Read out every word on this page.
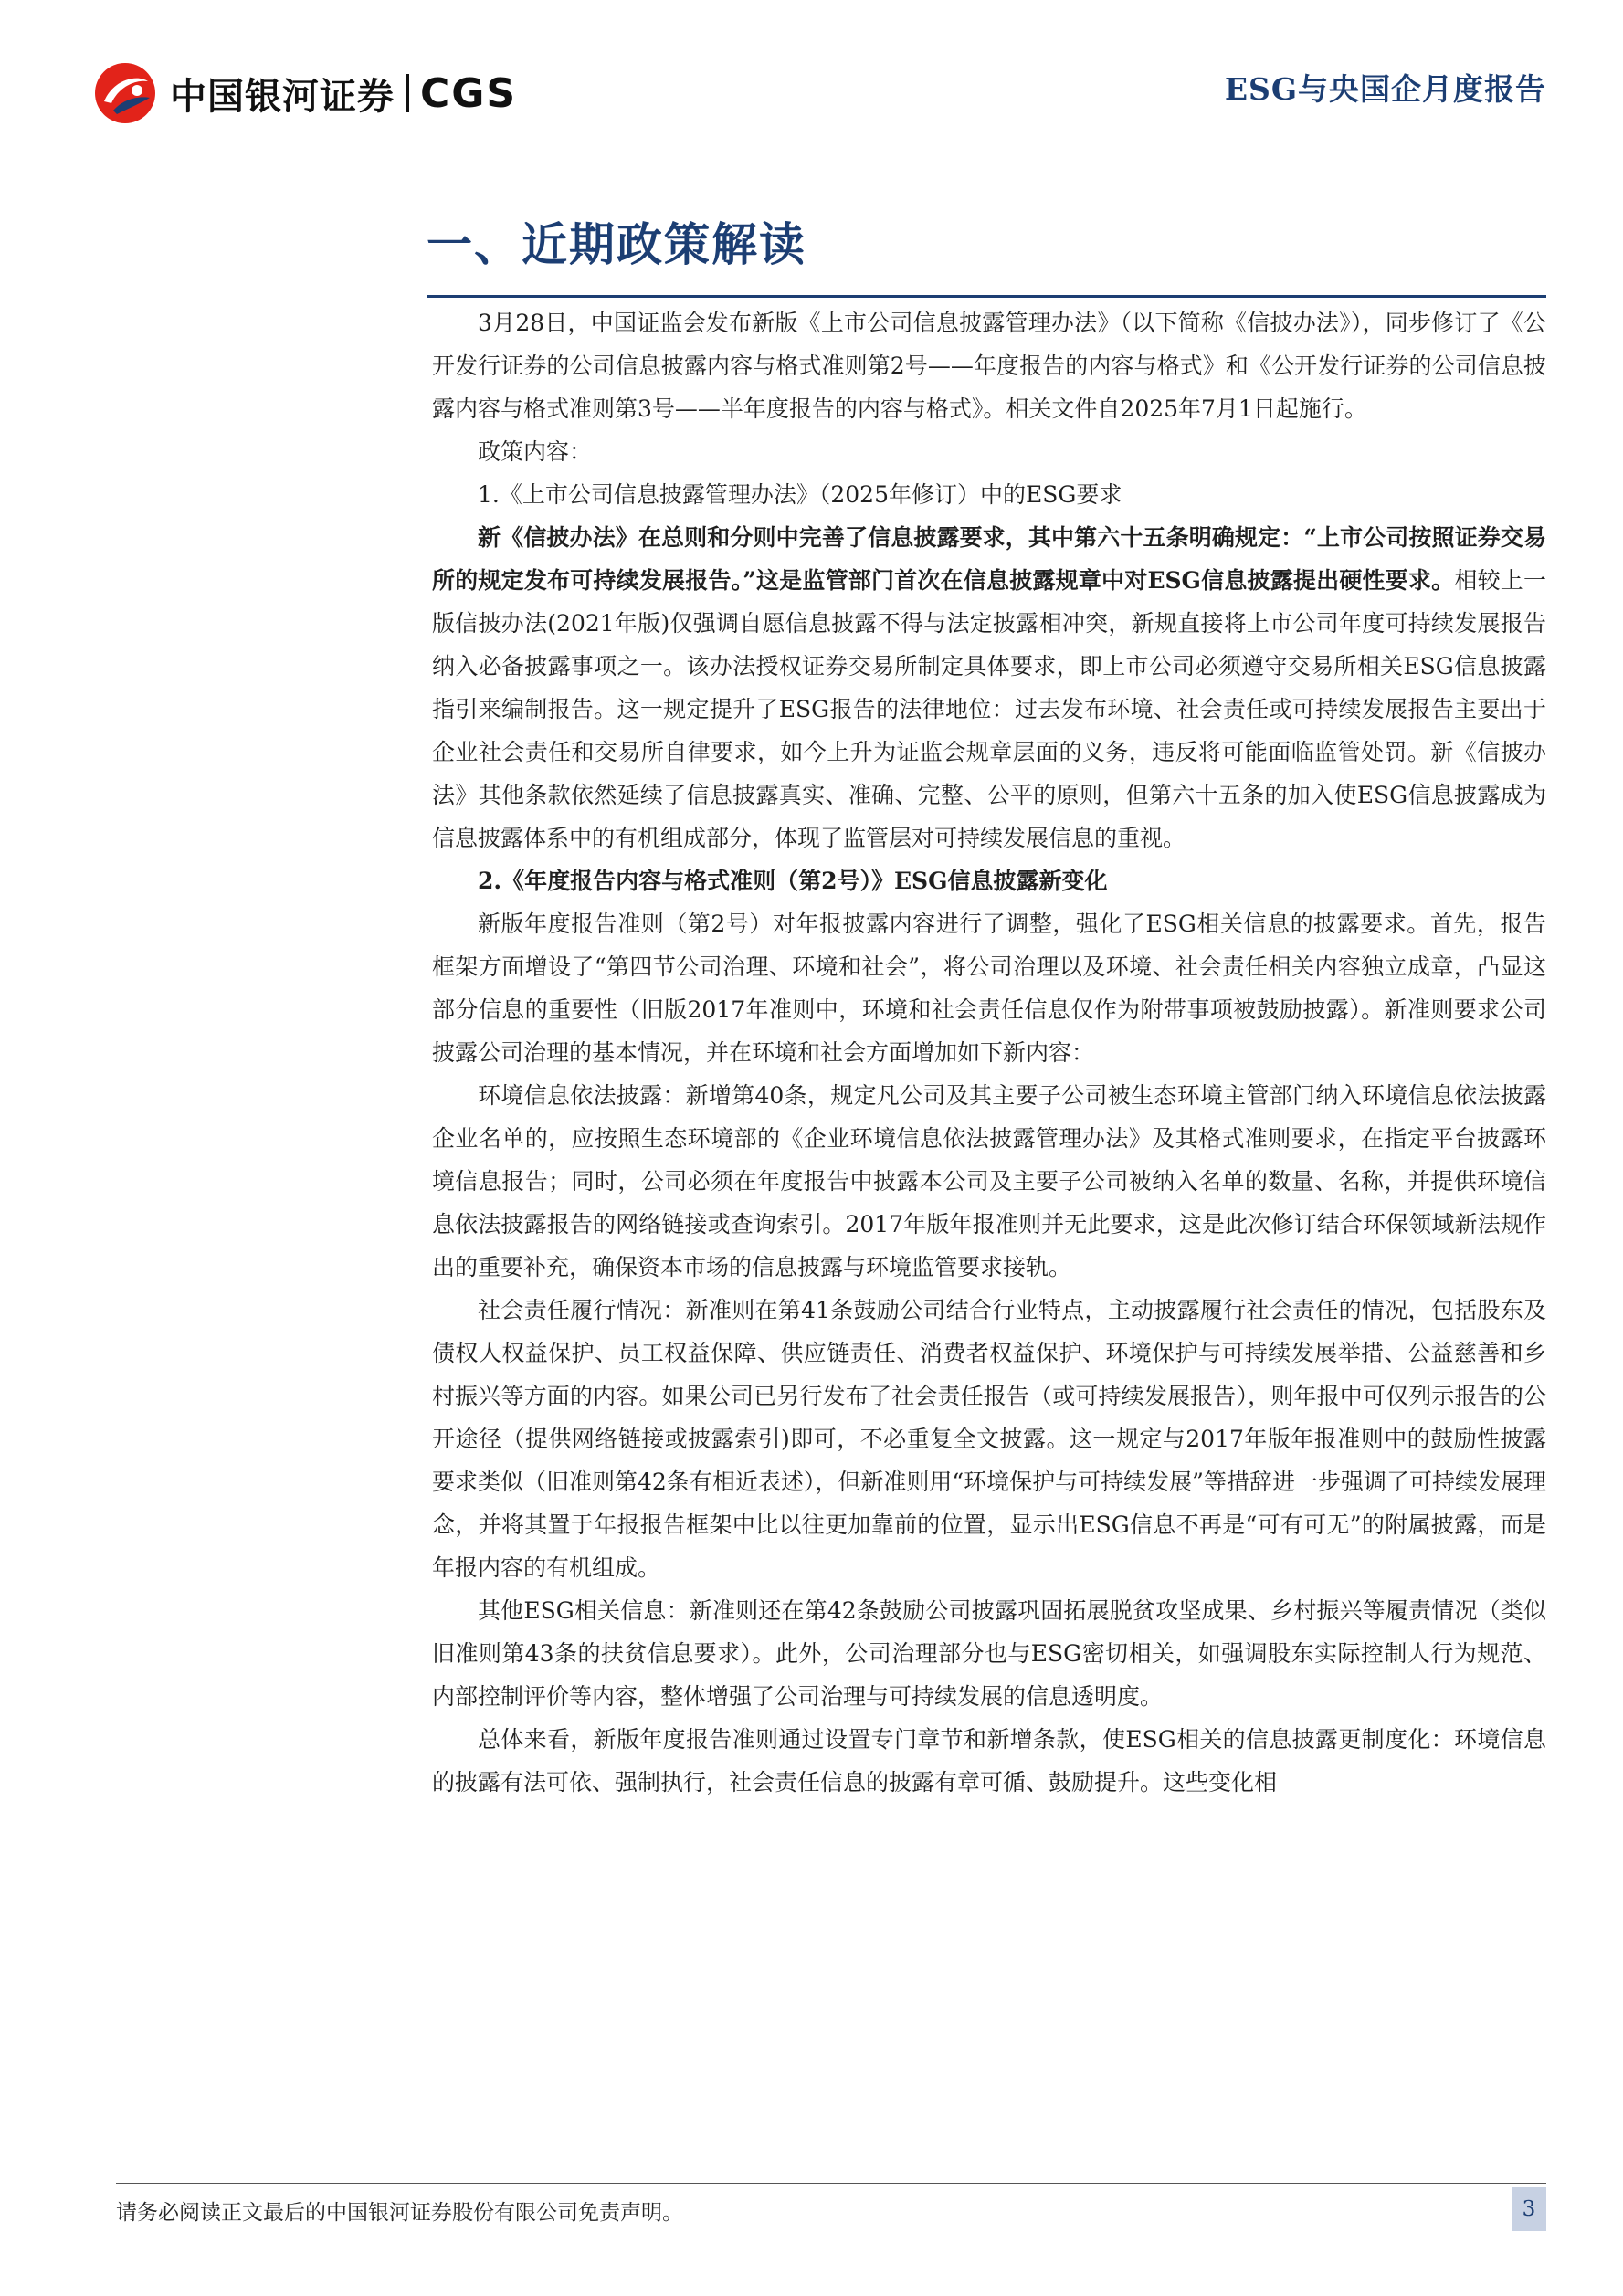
中国银河证券 CGS	ESG与央国企月度报告
一、近期政策解读

3月28日，中国证监会发布新版《上市公司信息披露管理办法》（以下简称《信披办法》），同步修订了《公开发行证券的公司信息披露内容与格式准则第2号——年度报告的内容与格式》和《公开发行证券的公司信息披露内容与格式准则第3号——半年度报告的内容与格式》。相关文件自2025年7月1日起施行。

政策内容：

1.《上市公司信息披露管理办法》（2025年修订）中的ESG要求

新《信披办法》在总则和分则中完善了信息披露要求，其中第六十五条明确规定：“上市公司按照证券交易所的规定发布可持续发展报告。”这是监管部门首次在信息披露规章中对ESG信息披露提出硬性要求。相较上一版信披办法(2021年版)仅强调自愿信息披露不得与法定披露相冲突，新规直接将上市公司年度可持续发展报告纳入必备披露事项之一。该办法授权证券交易所制定具体要求，即上市公司必须遵守交易所相关ESG信息披露指引来编制报告。这一规定提升了ESG报告的法律地位：过去发布环境、社会责任或可持续发展报告主要出于企业社会责任和交易所自律要求，如今上升为证监会规章层面的义务，违反将可能面临监管处罚。新《信披办法》其他条款依然延续了信息披露真实、准确、完整、公平的原则，但第六十五条的加入使ESG信息披露成为信息披露体系中的有机组成部分，体现了监管层对可持续发展信息的重视。

2.《年度报告内容与格式准则（第2号）》ESG信息披露新变化

新版年度报告准则（第2号）对年报披露内容进行了调整，强化了ESG相关信息的披露要求。首先，报告框架方面增设了“第四节公司治理、环境和社会”，将公司治理以及环境、社会责任相关内容独立成章，凸显这部分信息的重要性（旧版2017年准则中，环境和社会责任信息仅作为附带事项被鼓励披露）。新准则要求公司披露公司治理的基本情况，并在环境和社会方面增加如下新内容：

环境信息依法披露：新增第40条，规定凡公司及其主要子公司被生态环境主管部门纳入环境信息依法披露企业名单的，应按照生态环境部的《企业环境信息依法披露管理办法》及其格式准则要求，在指定平台披露环境信息报告；同时，公司必须在年度报告中披露本公司及主要子公司被纳入名单的数量、名称，并提供环境信息依法披露报告的网络链接或查询索引。2017年版年报准则并无此要求，这是此次修订结合环保领域新法规作出的重要补充，确保资本市场的信息披露与环境监管要求接轨。

社会责任履行情况：新准则在第41条鼓励公司结合行业特点，主动披露履行社会责任的情况，包括股东及债权人权益保护、员工权益保障、供应链责任、消费者权益保护、环境保护与可持续发展举措、公益慈善和乡村振兴等方面的内容。如果公司已另行发布了社会责任报告（或可持续发展报告），则年报中可仅列示报告的公开途径（提供网络链接或披露索引)即可，不必重复全文披露。这一规定与2017年版年报准则中的鼓励性披露要求类似（旧准则第42条有相近表述），但新准则用“环境保护与可持续发展”等措辞进一步强调了可持续发展理念，并将其置于年报报告框架中比以往更加靠前的位置，显示出ESG信息不再是“可有可无”的附属披露，而是年报内容的有机组成。

其他ESG相关信息：新准则还在第42条鼓励公司披露巩固拓展脱贫攻坚成果、乡村振兴等履责情况（类似旧准则第43条的扶贫信息要求）。此外，公司治理部分也与ESG密切相关，如强调股东实际控制人行为规范、内部控制评价等内容，整体增强了公司治理与可持续发展的信息透明度。

总体来看，新版年度报告准则通过设置专门章节和新增条款，使ESG相关的信息披露更制度化：环境信息的披露有法可依、强制执行，社会责任信息的披露有章可循、鼓励提升。这些变化相

请务必阅读正文最后的中国银河证券股份有限公司免责声明。	3
